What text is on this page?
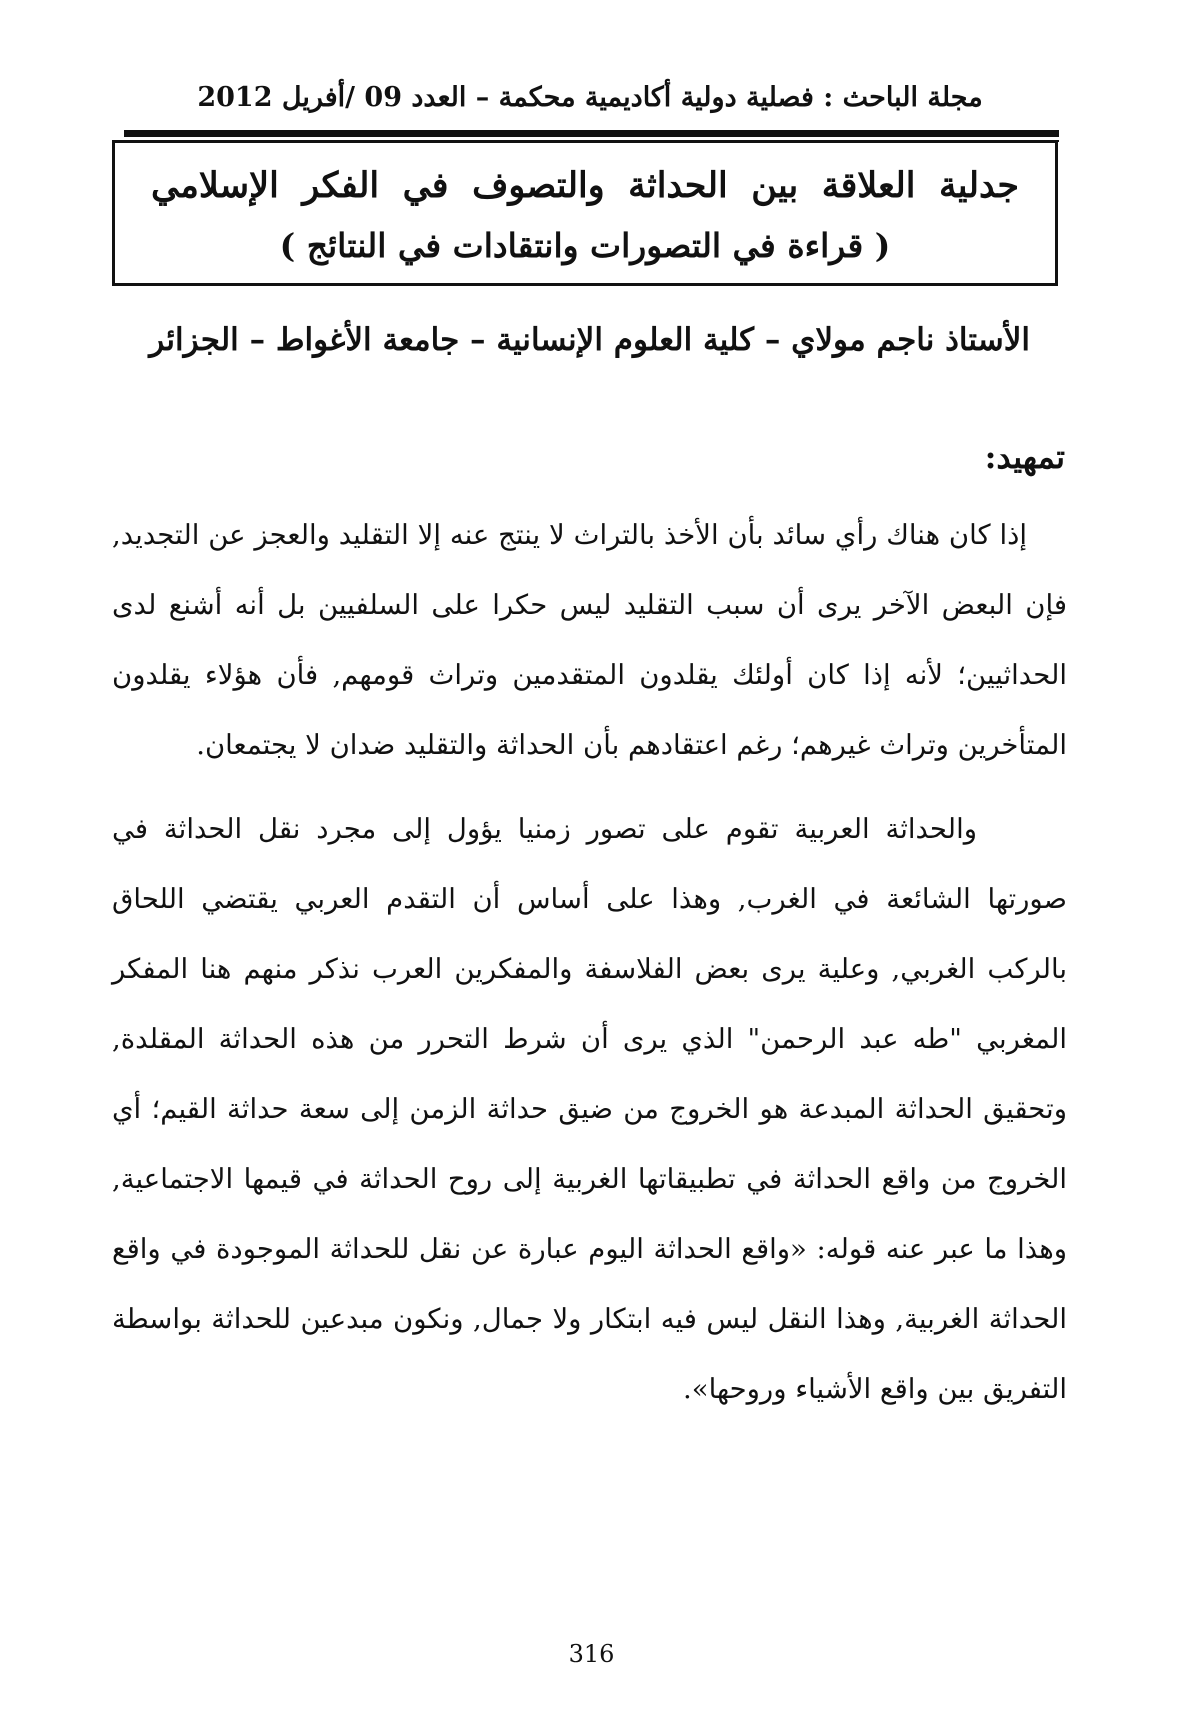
مجلة الباحث : فصلية دولية أكاديمية محكمة – العدد 09 /أفريل 2012
جدلية العلاقة بين الحداثة والتصوف في الفكر الإسلامي
( قراءة في التصورات وانتقادات في النتائج )
الأستاذ ناجم مولاي – كلية العلوم الإنسانية – جامعة الأغواط – الجزائر
تمهيد:

إذا كان هناك رأي سائد بأن الأخذ بالتراث لا ينتج عنه إلا التقليد والعجز عن التجديد, فإن البعض الآخر يرى أن سبب التقليد ليس حكرا على السلفيين بل أنه أشنع لدى الحداثيين؛ لأنه إذا كان أولئك يقلدون المتقدمين وتراث قومهم, فأن هؤلاء يقلدون المتأخرين وتراث غيرهم؛ رغم اعتقادهم بأن الحداثة والتقليد ضدان لا يجتمعان.

والحداثة العربية تقوم على تصور زمنيا يؤول إلى مجرد نقل الحداثة في صورتها الشائعة في الغرب, وهذا على أساس أن التقدم العربي يقتضي اللحاق بالركب الغربي, وعلية يرى بعض الفلاسفة والمفكرين العرب نذكر منهم هنا المفكر المغربي "طه عبد الرحمن" الذي يرى أن شرط التحرر من هذه الحداثة المقلدة, وتحقيق الحداثة المبدعة هو الخروج من ضيق حداثة الزمن إلى سعة حداثة القيم؛ أي الخروج من واقع الحداثة في تطبيقاتها الغربية إلى روح الحداثة في قيمها الاجتماعية, وهذا ما عبر عنه قوله: «واقع الحداثة اليوم عبارة عن نقل للحداثة الموجودة في واقع الحداثة الغربية, وهذا النقل ليس فيه ابتكار ولا جمال, ونكون مبدعين للحداثة بواسطة التفريق بين واقع الأشياء وروحها».

316
